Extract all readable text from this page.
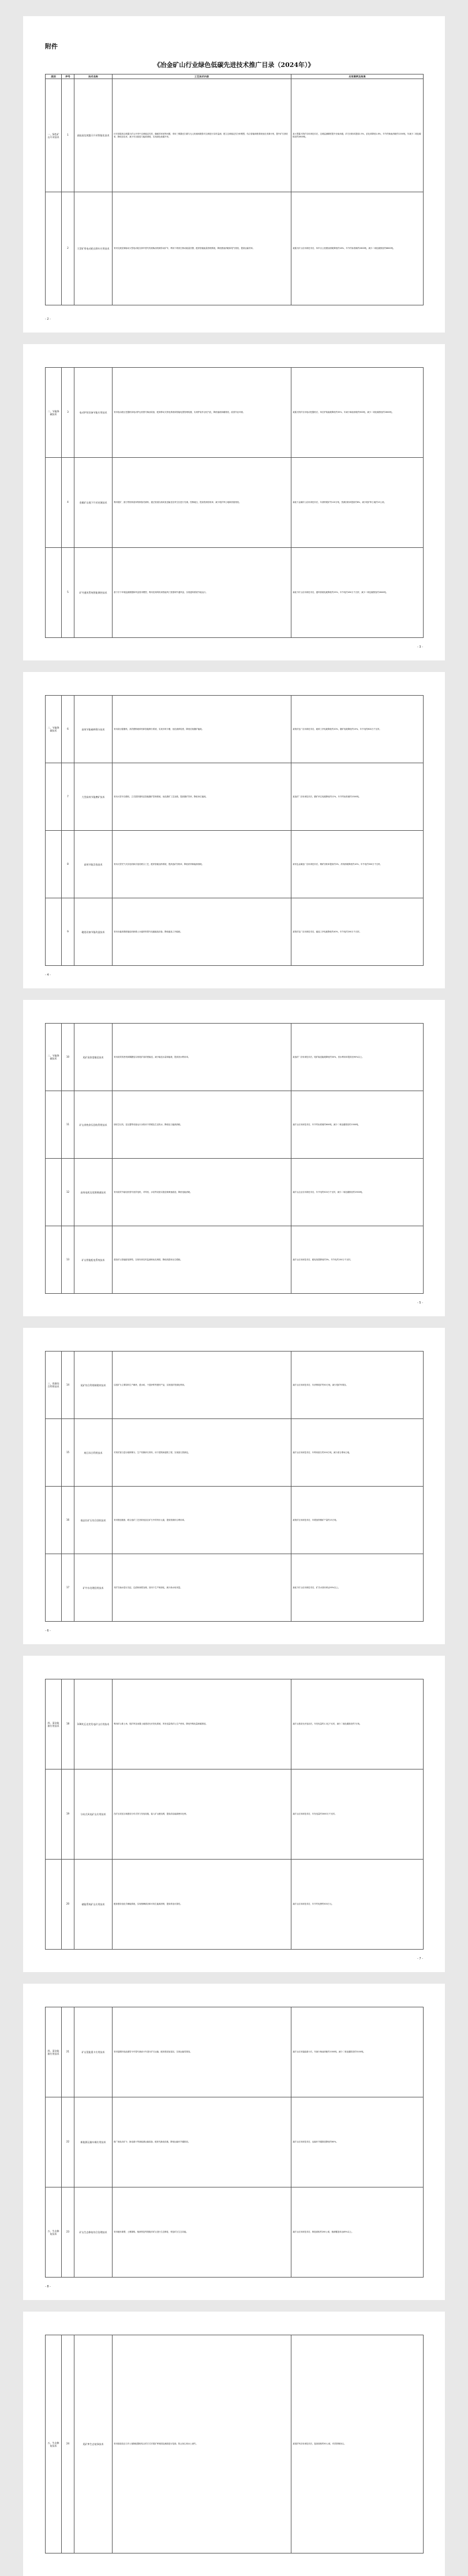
附件
《冶金矿山行业绿色低碳先进技术推广目录（2024年）》
类别	序号	技术名称	工艺技术内容	应用案例及效果
一、绿色矿山开采技术	1	高陡高边坡露天开采智能化技术	针对高陡高边坡露天矿山开采中边坡稳定性差、爆破效率低等问题，采用三维激光扫描与无人机倾斜摄影对边坡进行实时监测，建立边坡稳定性分析模型，结合智能调度系统优化采剥计划，提升矿石回收率，降低贫化率，减少安全隐患与能源消耗，实现绿色低碳开采。	某大型露天铁矿应用该技术后，边坡监测精度提升至毫米级，矿石回收率提高2.5%，贫化率降低1.8%，年节约柴油消耗约1200吨，年减少二氧化碳排放约3800吨。
	2	大型矿用电动轮自卸车应用技术	采用交流变频驱动大型电动轮自卸车替代传统柴油机械传动矿车，利用下坡再生制动能量回馈，配套智能能量管理系统，降低燃油消耗和尾气排放，提高运输效率。	某露天矿山应用该技术后，单车百公里燃油消耗降低约18%，年节约标准煤约2600吨，减少二氧化碳排放约6800吨。
- 2 -
二、节能降碳技术	3	电动铲装设备节能应用技术	采用电动液压挖掘机和电动铲运机替代柴油设备，配套移动式供电系统和智能电缆管理装置，实现铲装作业电气化，降低能耗和碳排放，改善作业环境。	某露天铁矿应用电动挖掘机后，单位铲装能耗降低约35%，年减少柴油消耗约900吨，减少二氧化碳排放约2800吨。
	4	金属矿山地下开采充填技术	利用尾矿、废石等固体废弃物制备充填料，通过管道自流或泵送输送至采空区进行充填，控制地压，提高资源回收率，减少尾矿库占地和固废排放。	某地下金属矿山应用该技术后，年消纳尾矿约120万吨，资源回收率提高约8%，减少尾矿库占地约15公顷。
	5	矿井通风系统智能调控技术	基于井下环境监测数据和风量需求模型，利用变频风机和智能风门按需调节通风量，实现通风系统节能运行。	某地下矿山应用该技术后，通风系统电耗降低约25%，年节电约450万千瓦时，减少二氧化碳排放约2600吨。
- 3 -
二、节能降碳技术	6	高效节能破碎筛分技术	采用高压辊磨机、高效圆锥破碎机和智能筛分系统，实现多碎少磨，优化破碎粒度，降低后续磨矿能耗。	某铁矿选厂应用该技术后，破碎工序电耗降低约20%，磨矿电耗降低约15%，年节电约800万千瓦时。
	7	大型高效节能磨矿技术	采用大型半自磨机、立式搅拌磨机及智能磨矿控制系统，优化磨矿工艺参数，提高磨矿效率，降低单位能耗。	某选矿厂应用该技术后，磨矿单位电耗降低约12%，年节约标准煤约1500吨。
	8	高效节能浮选技术	采用大型充气式浮选机和浮选柱联合工艺，配套智能加药系统，提高选矿回收率，降低药剂和能源消耗。	某有色金属选厂应用该技术后，精矿回收率提高约2%，药剂消耗降低约10%，年节电约300万千瓦时。
	9	磁选设备节能改造技术	采用永磁高梯度磁选机和稀土永磁材料替代电磁磁选设备，降低磁选工序能耗。	某铁矿选厂应用该技术后，磁选工序电耗降低约40%，年节电约200万千瓦时。
- 4 -
二、节能降碳技术	10	尾矿高浓度输送技术	采用高效浓密机和隔膜泵实现尾矿高浓度输送，减少输送水量和能耗，提高回水利用率。	某选矿厂应用该技术后，尾矿输送能耗降低约30%，回水利用率提高至90%以上。
	11	矿山余热余压回收利用技术	回收空压机、变压器等设备运行余热用于供暖及生活热水，降低化石能源消耗。	某矿山应用该技术后，年节约标准煤约600吨，减少二氧化碳排放约1500吨。
	12	高效电机及变频调速技术	采用高效节能电机替代低效电机，对风机、水泵等设备实施变频调速改造，降低电能消耗。	某矿山企业应用该技术后，年节电约500万千瓦时，减少二氧化碳排放约2900吨。
	13	矿山智能配电系统技术	建设矿山智能配电网络，实现负荷实时监测和优化调度，降低线损和无功损耗。	某矿山应用该技术后，配电线损降低约3%，年节电约150万千瓦时。
- 5 -
三、资源综合利用技术	14	尾矿综合利用制建材技术	以尾矿为主要原料生产砌块、透水砖、干混砂浆等建材产品，实现尾矿资源化利用。	某矿山应用该技术后，年消纳尾矿约50万吨，减少尾矿库堆存。
	15	废石综合利用技术	对采矿废石进行破碎筛分，生产机制砂石骨料，用于建筑和道路工程，实现废石资源化。	某矿山应用该技术后，年利用废石约200万吨，减少废石堆场占地。
	16	低品位矿石综合回收技术	采用预选抛废、联合选矿工艺回收低品位矿石中的有价元素，提高资源综合利用率。	某铁矿应用该技术后，年增加铁精矿产量约15万吨。
	17	矿井水处理回用技术	对矿井涌水进行沉淀、过滤和深度处理，回用于生产和绿化，减少新水取用量。	某地下矿山应用该技术后，矿井水回用率达95%以上。
- 6 -
四、清洁能源应用技术	18	100兆瓦光伏发电矿山应用技术	利用矿山排土场、尾矿库及闲置土地建设光伏发电系统，所发电量供矿山生产使用，降低外购电量和碳排放。	某矿山建设光伏电站后，年发电量约1.2亿千瓦时，减少二氧化碳排放约7万吨。
	19	分布式风电矿山应用技术	在矿区适宜区域建设分布式风力发电设施，接入矿山配电网，提高清洁能源使用比例。	某矿山应用该技术后，年发电量约3000万千瓦时。
	20	储能系统矿山应用技术	配套建设电化学储能系统，实现削峰填谷和可再生能源消纳，提高供电可靠性。	某矿山应用该技术后，年节约电费约500万元。
- 7 -
四、清洁能源应用技术	21	矿山氢能重卡应用技术	采用氢燃料电池重型卡车替代柴油卡车进行矿石运输，配套建设加氢站，实现运输零排放。	某矿山应用氢能重卡后，年减少柴油消耗约1000吨，减少二氧化碳排放约3100吨。
	22	新能源运输车辆应用技术	推广纯电动矿卡、换电重卡等新能源运输装备，配套充换电设施，降低运输环节碳排放。	某矿山应用该技术后，运输环节碳排放降低约60%。
五、生态修复技术	23	矿山生态修复综合治理技术	采用地形重塑、土壤重构、植被恢复等措施对矿区进行生态修复，恢复矿区生态功能。	某矿山应用该技术后，修复面积约200公顷，植被覆盖率达85%以上。
- 8 -
五、生态修复技术	24	尾矿库生态复绿技术	采用基质改良与乡土植物配置相结合的方式对尾矿库坡面及滩面进行复绿，防止扬尘和水土流失。	某尾矿库应用该技术后，复绿面积约50公顷，有效抑制扬尘。
